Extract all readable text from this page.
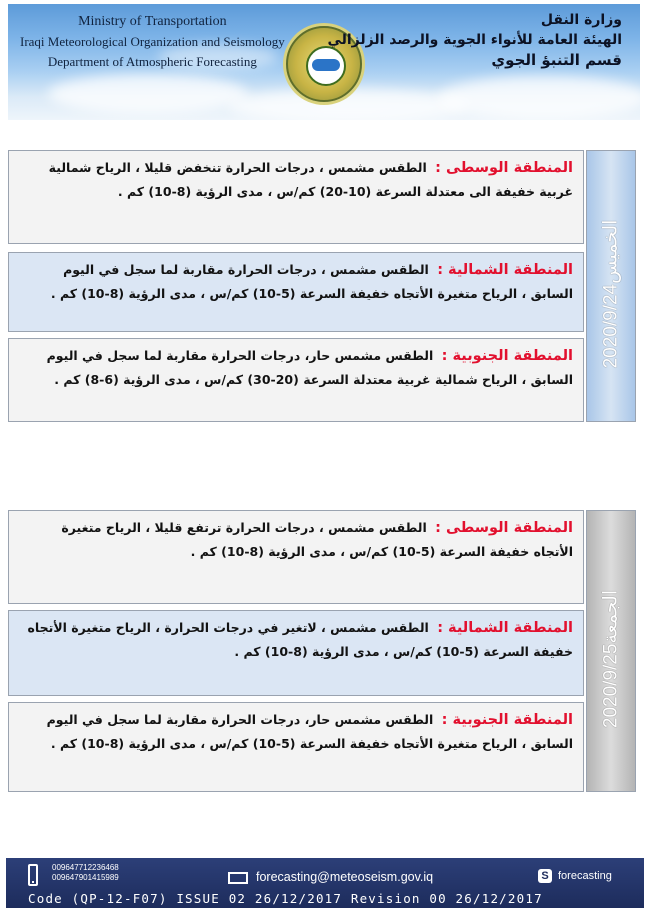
Ministry of Transportation
Iraqi Meteorological Organization and Seismology
Department of Atmospheric Forecasting
وزارة النقل
الهيئة العامة للأنواء الجوية والرصد الزلزالي
قسم التنبؤ الجوي
المنطقة الوسطى : الطقس مشمس ، درجات الحرارة تنخفض قليلا ، الرياح شمالية غربية خفيفة الى معتدلة السرعة (10-20) كم/س ، مدى الرؤية (8-10) كم .
المنطقة الشمالية : الطقس مشمس ، درجات الحرارة مقاربة لما سجل في اليوم السابق ، الرياح متغيرة الأتجاه خفيفة السرعة (5-10) كم/س ، مدى الرؤية (8-10) كم .
المنطقة الجنوبية : الطقس مشمس حار، درجات الحرارة مقاربة لما سجل في اليوم السابق ، الرياح شمالية غربية معتدلة السرعة (20-30) كم/س ، مدى الرؤية (6-8) كم .
2020/9/24الخميس
المنطقة الوسطى : الطقس مشمس ، درجات الحرارة ترتفع قليلا ، الرياح متغيرة الأتجاه خفيفة السرعة (5-10) كم/س ، مدى الرؤية (8-10) كم .
المنطقة الشمالية : الطقس مشمس ، لاتغير في درجات الحرارة ، الرياح متغيرة الأتجاه خفيفة السرعة (5-10) كم/س ، مدى الرؤية (8-10) كم .
المنطقة الجنوبية : الطقس مشمس حار، درجات الحرارة مقاربة لما سجل في اليوم السابق ، الرياح متغيرة الأتجاه خفيفة السرعة (5-10) كم/س ، مدى الرؤية (8-10) كم .
2020/9/25الجمعة
009647712236468
009647901415989	forecasting@meteoseism.gov.iq	S forecasting
Code (QP-12-F07) ISSUE 02 26/12/2017 Revision 00 26/12/2017
